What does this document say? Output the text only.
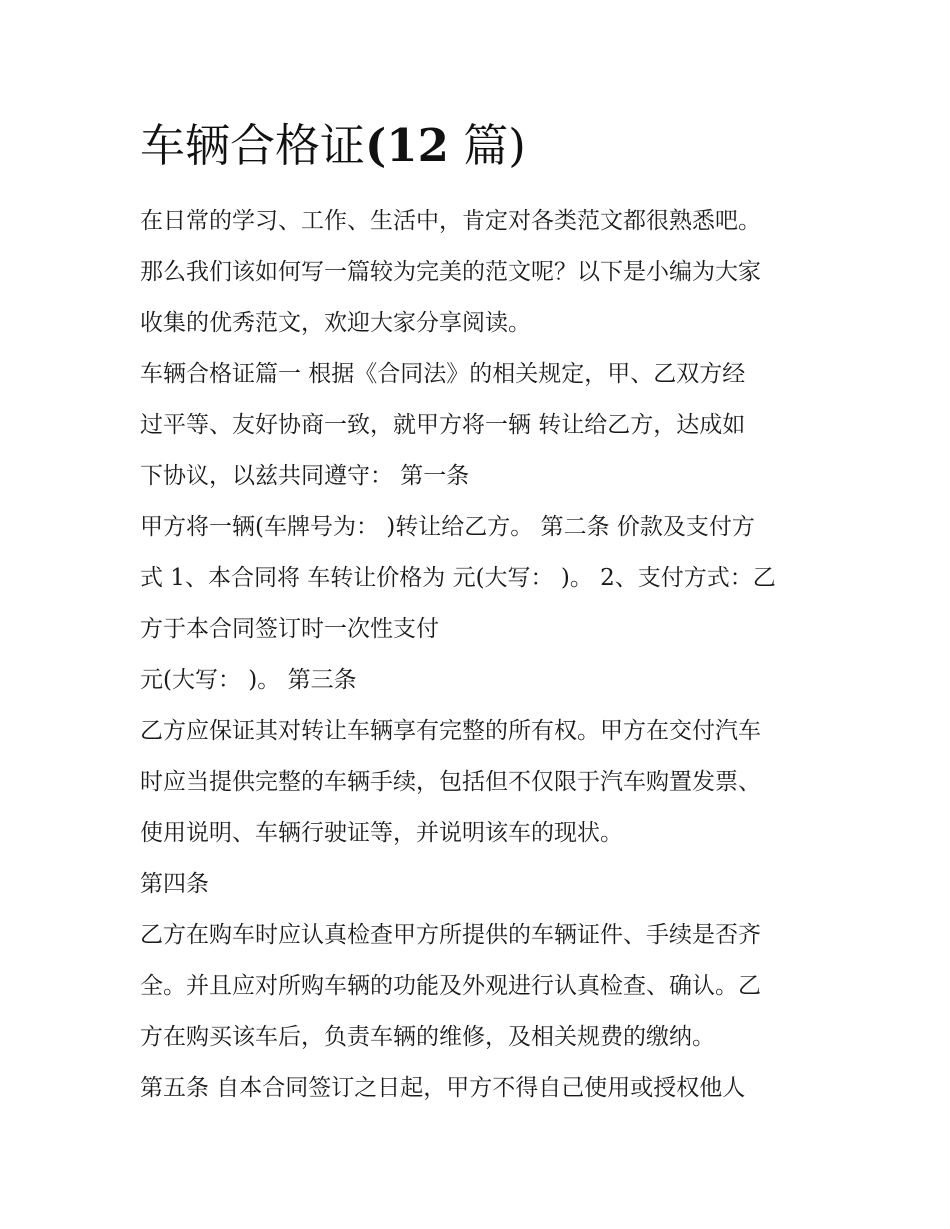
车辆合格证(12 篇)

在日常的学习、工作、生活中，肯定对各类范文都很熟悉吧。

那么我们该如何写一篇较为完美的范文呢？以下是小编为大家

收集的优秀范文，欢迎大家分享阅读。

车辆合格证篇一 根据《合同法》的相关规定，甲、乙双方经

过平等、友好协商一致，就甲方将一辆 转让给乙方，达成如

下协议，以兹共同遵守： 第一条

甲方将一辆(车牌号为： )转让给乙方。 第二条 价款及支付方

式 1、本合同将 车转让价格为 元(大写： )。 2、支付方式：乙

方于本合同签订时一次性支付

元(大写： )。 第三条

乙方应保证其对转让车辆享有完整的所有权。甲方在交付汽车

时应当提供完整的车辆手续，包括但不仅限于汽车购置发票、

使用说明、车辆行驶证等，并说明该车的现状。

第四条

乙方在购车时应认真检查甲方所提供的车辆证件、手续是否齐

全。并且应对所购车辆的功能及外观进行认真检查、确认。乙

方在购买该车后，负责车辆的维修，及相关规费的缴纳。

第五条 自本合同签订之日起，甲方不得自己使用或授权他人
